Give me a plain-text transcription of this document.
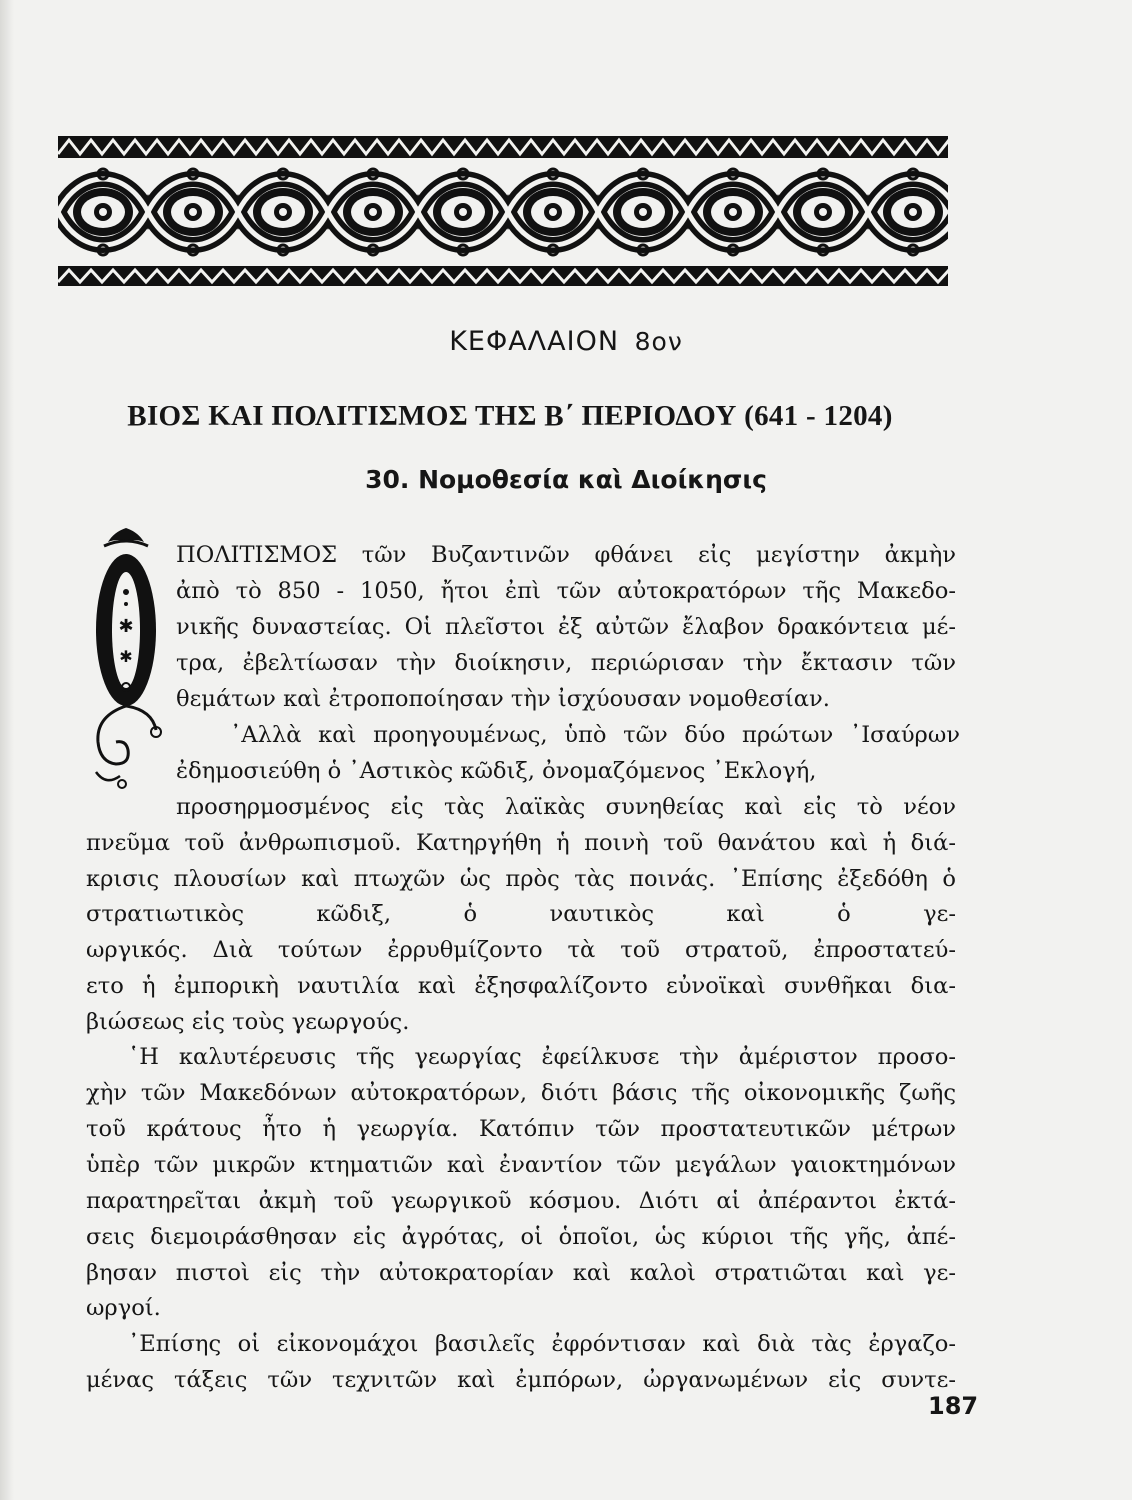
ΚΕΦΑΛΑΙΟΝ 8ον
ΒΙΟΣ ΚΑΙ ΠΟΛΙΤΙΣΜΟΣ ΤΗΣ Β΄ ΠΕΡΙΟΔΟΥ (641 - 1204)
30. Νομοθεσία καὶ Διοίκησις
✱
✱
ΠΟΛΙΤΙΣΜΟΣ τῶν Βυζαντινῶν φθάνει εἰς μεγίστην ἀκμὴν
ἀπὸ τὸ 850 - 1050, ἤτοι ἐπὶ τῶν αὐτοκρατόρων τῆς Μακεδο-
νικῆς δυναστείας. Οἱ πλεῖστοι ἐξ αὐτῶν ἔλαβον δρακόντεια μέ-
τρα, ἐβελτίωσαν τὴν διοίκησιν, περιώρισαν τὴν ἔκτασιν τῶν
θεμάτων καὶ ἐτροποποίησαν τὴν ἰσχύουσαν νομοθεσίαν.
᾿Αλλὰ καὶ προηγουμένως, ὑπὸ τῶν δύο πρώτων ᾿Ισαύρων
ἐδημοσιεύθη ὁ ᾿Αστικὸς κῶδιξ, ὀνομαζόμενος ᾿Εκλογή,
προσηρμοσμένος εἰς τὰς λαϊκὰς συνηθείας καὶ εἰς τὸ νέον
πνεῦμα τοῦ ἀνθρωπισμοῦ. Κατηργήθη ἡ ποινὴ τοῦ θανάτου καὶ ἡ διά-
κρισις πλουσίων καὶ πτωχῶν ὡς πρὸς τὰς ποινάς. ᾿Επίσης ἐξεδόθη ὁ
στρατιωτικὸς κῶδιξ, ὁ ναυτικὸς καὶ ὁ γε-
ωργικός. Διὰ τούτων ἐρρυθμίζοντο τὰ τοῦ στρατοῦ, ἐπροστατεύ-
ετο ἡ ἐμπορικὴ ναυτιλία καὶ ἐξησφαλίζοντο εὐνοϊκαὶ συνθῆκαι δια-
βιώσεως εἰς τοὺς γεωργούς.
῾Η καλυτέρευσις τῆς γεωργίας ἐφείλκυσε τὴν ἀμέριστον προσο-
χὴν τῶν Μακεδόνων αὐτοκρατόρων, διότι βάσις τῆς οἰκονομικῆς ζωῆς
τοῦ κράτους ἦτο ἡ γεωργία. Κατόπιν τῶν προστατευτικῶν μέτρων
ὑπὲρ τῶν μικρῶν κτηματιῶν καὶ ἐναντίον τῶν μεγάλων γαιοκτημόνων
παρατηρεῖται ἀκμὴ τοῦ γεωργικοῦ κόσμου. Διότι αἱ ἀπέραντοι ἐκτά-
σεις διεμοιράσθησαν εἰς ἀγρότας, οἱ ὁποῖοι, ὡς κύριοι τῆς γῆς, ἀπέ-
βησαν πιστοὶ εἰς τὴν αὐτοκρατορίαν καὶ καλοὶ στρατιῶται καὶ γε-
ωργοί.
᾿Επίσης οἱ εἰκονομάχοι βασιλεῖς ἐφρόντισαν καὶ διὰ τὰς ἐργαζο-
μένας τάξεις τῶν τεχνιτῶν καὶ ἐμπόρων, ὠργανωμένων εἰς συντε-
187
